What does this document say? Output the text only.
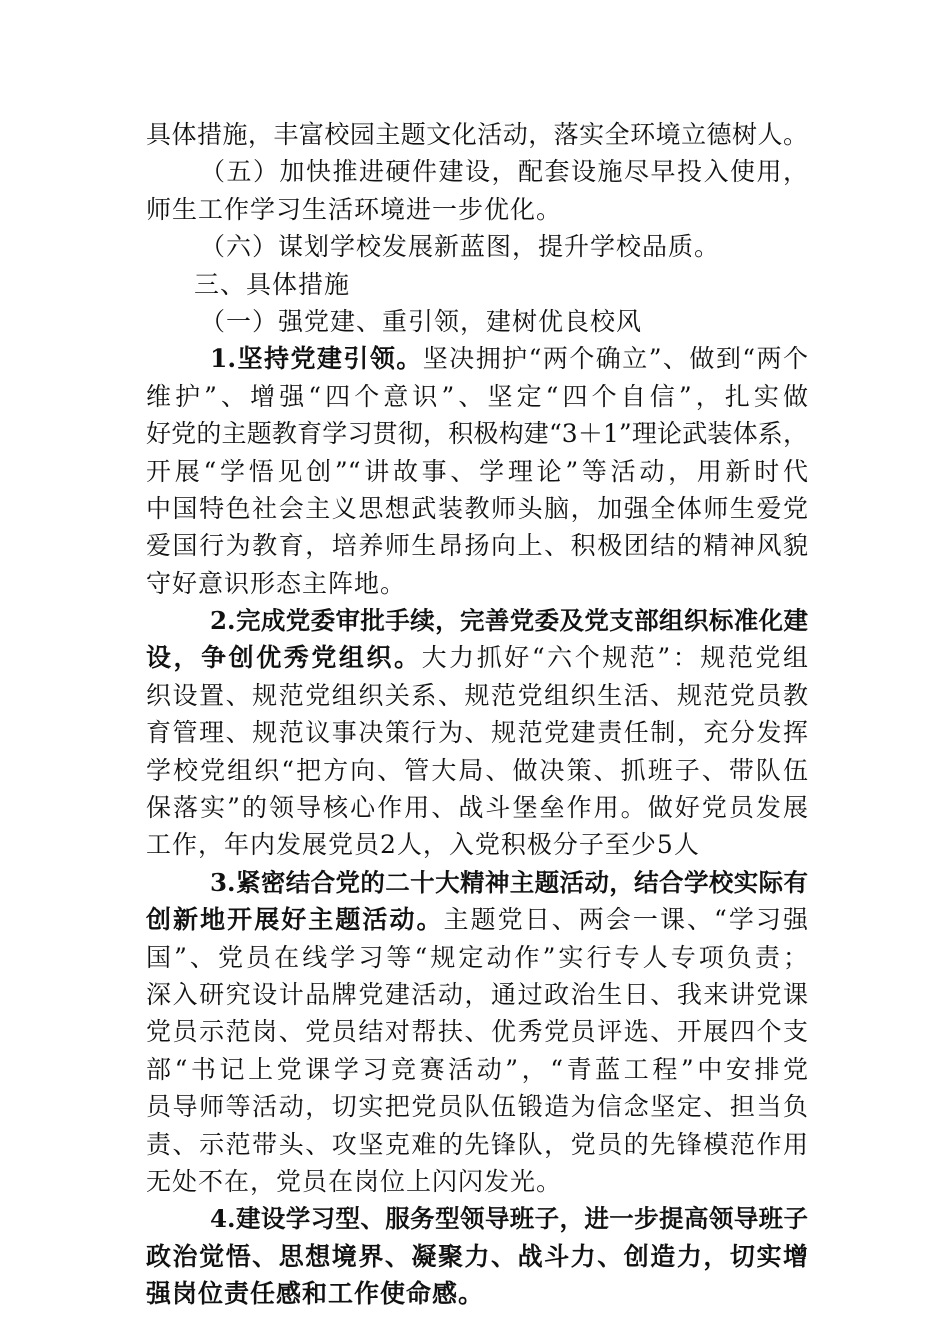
具体措施，丰富校园主题文化活动，落实全环境立德树人。
（五）加快推进硬件建设，配套设施尽早投入使用，
师生工作学习生活环境进一步优化。
（六）谋划学校发展新蓝图，提升学校品质。
三、具体措施
（一）强党建、重引领，建树优良校风
1.坚持党建引领。坚决拥护“两个确立”、做到“两个
维护”、增强“四个意识”、坚定“四个自信”，扎实做
好党的主题教育学习贯彻，积极构建“3＋1”理论武装体系，
开展“学悟见创”“讲故事、学理论”等活动，用新时代
中国特色社会主义思想武装教师头脑，加强全体师生爱党
爱国行为教育，培养师生昂扬向上、积极团结的精神风貌
守好意识形态主阵地。
2.完成党委审批手续，完善党委及党支部组织标准化建
设，争创优秀党组织。大力抓好“六个规范”：规范党组
织设置、规范党组织关系、规范党组织生活、规范党员教
育管理、规范议事决策行为、规范党建责任制，充分发挥
学校党组织“把方向、管大局、做决策、抓班子、带队伍
保落实”的领导核心作用、战斗堡垒作用。做好党员发展
工作，年内发展党员2人，入党积极分子至少5人
3.紧密结合党的二十大精神主题活动，结合学校实际有
创新地开展好主题活动。主题党日、两会一课、“学习强
国”、党员在线学习等“规定动作”实行专人专项负责；
深入研究设计品牌党建活动，通过政治生日、我来讲党课
党员示范岗、党员结对帮扶、优秀党员评选、开展四个支
部“书记上党课学习竞赛活动”，“青蓝工程”中安排党
员导师等活动，切实把党员队伍锻造为信念坚定、担当负
责、示范带头、攻坚克难的先锋队，党员的先锋模范作用
无处不在，党员在岗位上闪闪发光。
4.建设学习型、服务型领导班子，进一步提高领导班子
政治觉悟、思想境界、凝聚力、战斗力、创造力，切实增
强岗位责任感和工作使命感。
